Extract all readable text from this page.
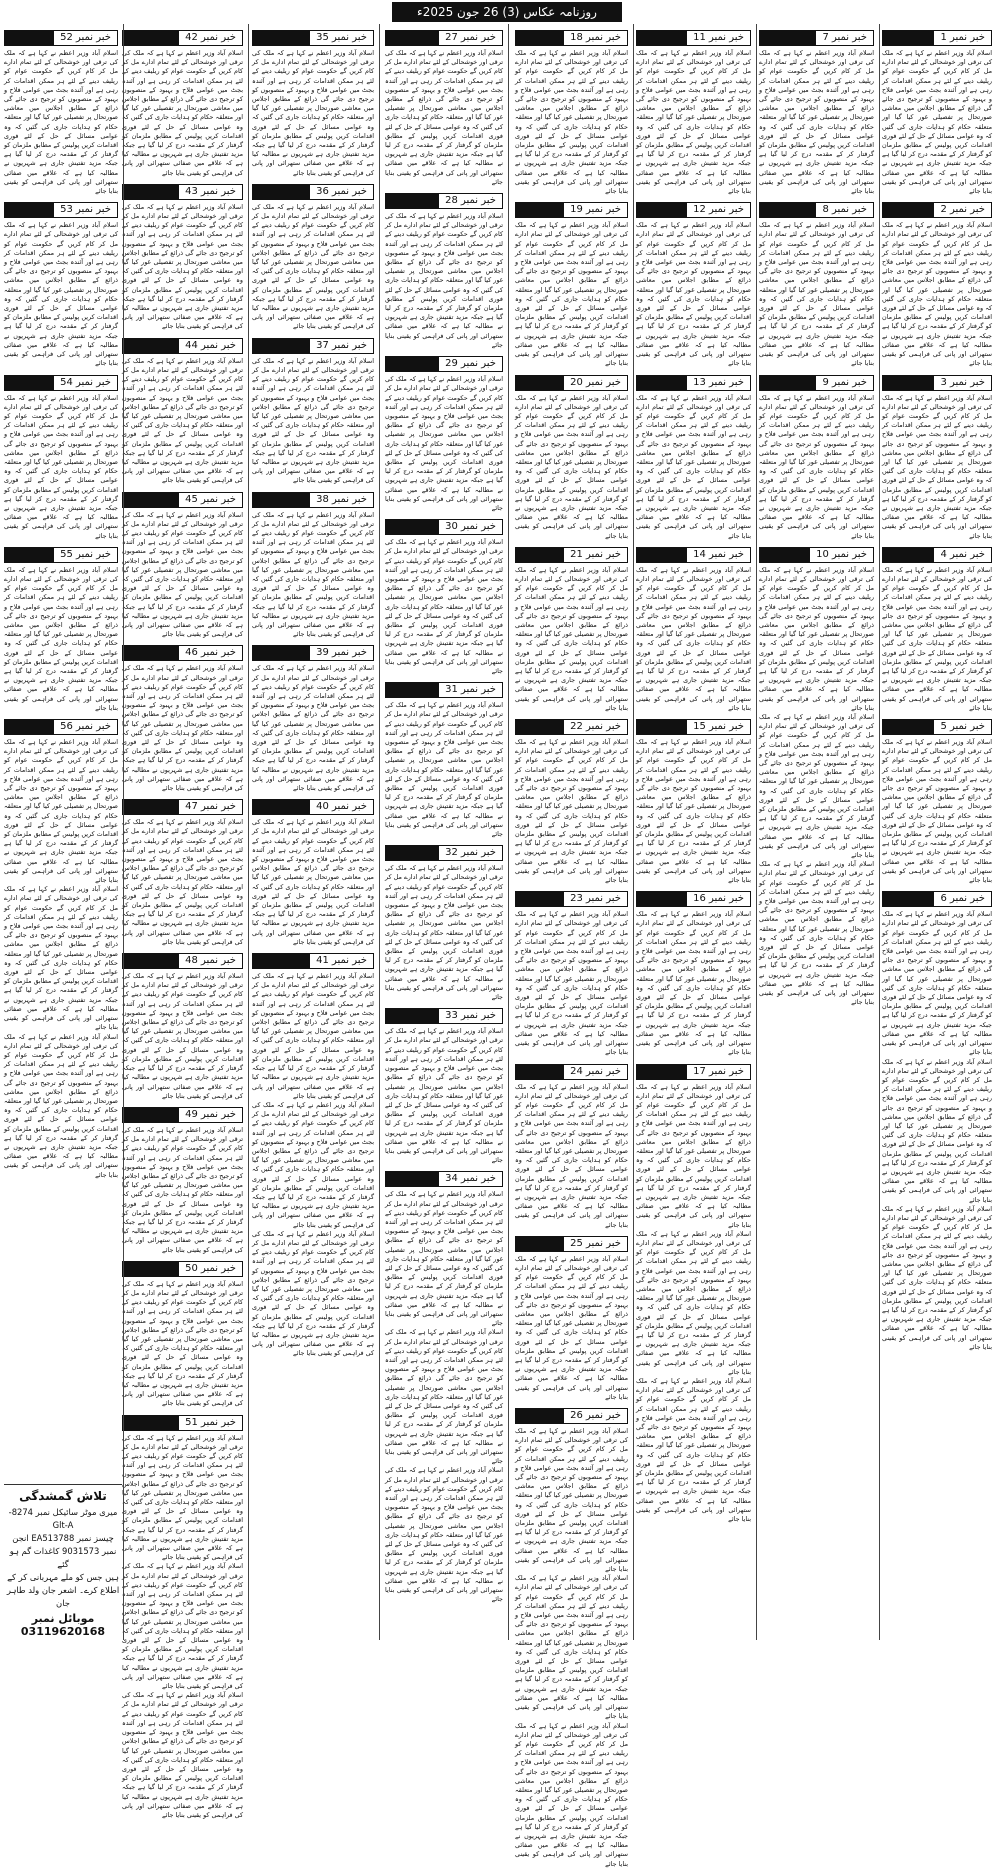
روزنامہ عکاس (3) 26 جون 2025ء
خبر نمبر 1
اسلام آباد وزیر اعظم نے کہا ہے کہ ملک کی ترقی اور خوشحالی کے لئے تمام ادارے مل کر کام کریں گے حکومت عوام کو ریلیف دینے کے لئے ہر ممکن اقدامات کر رہی ہے اور آئندہ بجٹ میں عوامی فلاح و بہبود کے منصوبوں کو ترجیح دی جائے گی ذرائع کے مطابق اجلاس میں معاشی صورتحال پر تفصیلی غور کیا گیا اور متعلقہ حکام کو ہدایات جاری کی گئیں کہ وہ عوامی مسائل کے حل کے لئے فوری اقدامات کریں پولیس کے مطابق ملزمان کو گرفتار کر کے مقدمہ درج کر لیا گیا ہے جبکہ مزید تفتیش جاری ہے شہریوں نے مطالبہ کیا ہے کہ علاقے میں صفائی ستھرائی اور پانی کی فراہمی کو یقینی بنایا جائے
خبر نمبر 2
اسلام آباد وزیر اعظم نے کہا ہے کہ ملک کی ترقی اور خوشحالی کے لئے تمام ادارے مل کر کام کریں گے حکومت عوام کو ریلیف دینے کے لئے ہر ممکن اقدامات کر رہی ہے اور آئندہ بجٹ میں عوامی فلاح و بہبود کے منصوبوں کو ترجیح دی جائے گی ذرائع کے مطابق اجلاس میں معاشی صورتحال پر تفصیلی غور کیا گیا اور متعلقہ حکام کو ہدایات جاری کی گئیں کہ وہ عوامی مسائل کے حل کے لئے فوری اقدامات کریں پولیس کے مطابق ملزمان کو گرفتار کر کے مقدمہ درج کر لیا گیا ہے جبکہ مزید تفتیش جاری ہے شہریوں نے مطالبہ کیا ہے کہ علاقے میں صفائی ستھرائی اور پانی کی فراہمی کو یقینی بنایا جائے
خبر نمبر 3
اسلام آباد وزیر اعظم نے کہا ہے کہ ملک کی ترقی اور خوشحالی کے لئے تمام ادارے مل کر کام کریں گے حکومت عوام کو ریلیف دینے کے لئے ہر ممکن اقدامات کر رہی ہے اور آئندہ بجٹ میں عوامی فلاح و بہبود کے منصوبوں کو ترجیح دی جائے گی ذرائع کے مطابق اجلاس میں معاشی صورتحال پر تفصیلی غور کیا گیا اور متعلقہ حکام کو ہدایات جاری کی گئیں کہ وہ عوامی مسائل کے حل کے لئے فوری اقدامات کریں پولیس کے مطابق ملزمان کو گرفتار کر کے مقدمہ درج کر لیا گیا ہے جبکہ مزید تفتیش جاری ہے شہریوں نے مطالبہ کیا ہے کہ علاقے میں صفائی ستھرائی اور پانی کی فراہمی کو یقینی بنایا جائے
خبر نمبر 4
اسلام آباد وزیر اعظم نے کہا ہے کہ ملک کی ترقی اور خوشحالی کے لئے تمام ادارے مل کر کام کریں گے حکومت عوام کو ریلیف دینے کے لئے ہر ممکن اقدامات کر رہی ہے اور آئندہ بجٹ میں عوامی فلاح و بہبود کے منصوبوں کو ترجیح دی جائے گی ذرائع کے مطابق اجلاس میں معاشی صورتحال پر تفصیلی غور کیا گیا اور متعلقہ حکام کو ہدایات جاری کی گئیں کہ وہ عوامی مسائل کے حل کے لئے فوری اقدامات کریں پولیس کے مطابق ملزمان کو گرفتار کر کے مقدمہ درج کر لیا گیا ہے جبکہ مزید تفتیش جاری ہے شہریوں نے مطالبہ کیا ہے کہ علاقے میں صفائی ستھرائی اور پانی کی فراہمی کو یقینی بنایا جائے
خبر نمبر 5
اسلام آباد وزیر اعظم نے کہا ہے کہ ملک کی ترقی اور خوشحالی کے لئے تمام ادارے مل کر کام کریں گے حکومت عوام کو ریلیف دینے کے لئے ہر ممکن اقدامات کر رہی ہے اور آئندہ بجٹ میں عوامی فلاح و بہبود کے منصوبوں کو ترجیح دی جائے گی ذرائع کے مطابق اجلاس میں معاشی صورتحال پر تفصیلی غور کیا گیا اور متعلقہ حکام کو ہدایات جاری کی گئیں کہ وہ عوامی مسائل کے حل کے لئے فوری اقدامات کریں پولیس کے مطابق ملزمان کو گرفتار کر کے مقدمہ درج کر لیا گیا ہے جبکہ مزید تفتیش جاری ہے شہریوں نے مطالبہ کیا ہے کہ علاقے میں صفائی ستھرائی اور پانی کی فراہمی کو یقینی بنایا جائے
خبر نمبر 6
اسلام آباد وزیر اعظم نے کہا ہے کہ ملک کی ترقی اور خوشحالی کے لئے تمام ادارے مل کر کام کریں گے حکومت عوام کو ریلیف دینے کے لئے ہر ممکن اقدامات کر رہی ہے اور آئندہ بجٹ میں عوامی فلاح و بہبود کے منصوبوں کو ترجیح دی جائے گی ذرائع کے مطابق اجلاس میں معاشی صورتحال پر تفصیلی غور کیا گیا اور متعلقہ حکام کو ہدایات جاری کی گئیں کہ وہ عوامی مسائل کے حل کے لئے فوری اقدامات کریں پولیس کے مطابق ملزمان کو گرفتار کر کے مقدمہ درج کر لیا گیا ہے جبکہ مزید تفتیش جاری ہے شہریوں نے مطالبہ کیا ہے کہ علاقے میں صفائی ستھرائی اور پانی کی فراہمی کو یقینی بنایا جائے
اسلام آباد وزیر اعظم نے کہا ہے کہ ملک کی ترقی اور خوشحالی کے لئے تمام ادارے مل کر کام کریں گے حکومت عوام کو ریلیف دینے کے لئے ہر ممکن اقدامات کر رہی ہے اور آئندہ بجٹ میں عوامی فلاح و بہبود کے منصوبوں کو ترجیح دی جائے گی ذرائع کے مطابق اجلاس میں معاشی صورتحال پر تفصیلی غور کیا گیا اور متعلقہ حکام کو ہدایات جاری کی گئیں کہ وہ عوامی مسائل کے حل کے لئے فوری اقدامات کریں پولیس کے مطابق ملزمان کو گرفتار کر کے مقدمہ درج کر لیا گیا ہے جبکہ مزید تفتیش جاری ہے شہریوں نے مطالبہ کیا ہے کہ علاقے میں صفائی ستھرائی اور پانی کی فراہمی کو یقینی بنایا جائے
اسلام آباد وزیر اعظم نے کہا ہے کہ ملک کی ترقی اور خوشحالی کے لئے تمام ادارے مل کر کام کریں گے حکومت عوام کو ریلیف دینے کے لئے ہر ممکن اقدامات کر رہی ہے اور آئندہ بجٹ میں عوامی فلاح و بہبود کے منصوبوں کو ترجیح دی جائے گی ذرائع کے مطابق اجلاس میں معاشی صورتحال پر تفصیلی غور کیا گیا اور متعلقہ حکام کو ہدایات جاری کی گئیں کہ وہ عوامی مسائل کے حل کے لئے فوری اقدامات کریں پولیس کے مطابق ملزمان کو گرفتار کر کے مقدمہ درج کر لیا گیا ہے جبکہ مزید تفتیش جاری ہے شہریوں نے مطالبہ کیا ہے کہ علاقے میں صفائی ستھرائی اور پانی کی فراہمی کو یقینی بنایا جائے
خبر نمبر 7
اسلام آباد وزیر اعظم نے کہا ہے کہ ملک کی ترقی اور خوشحالی کے لئے تمام ادارے مل کر کام کریں گے حکومت عوام کو ریلیف دینے کے لئے ہر ممکن اقدامات کر رہی ہے اور آئندہ بجٹ میں عوامی فلاح و بہبود کے منصوبوں کو ترجیح دی جائے گی ذرائع کے مطابق اجلاس میں معاشی صورتحال پر تفصیلی غور کیا گیا اور متعلقہ حکام کو ہدایات جاری کی گئیں کہ وہ عوامی مسائل کے حل کے لئے فوری اقدامات کریں پولیس کے مطابق ملزمان کو گرفتار کر کے مقدمہ درج کر لیا گیا ہے جبکہ مزید تفتیش جاری ہے شہریوں نے مطالبہ کیا ہے کہ علاقے میں صفائی ستھرائی اور پانی کی فراہمی کو یقینی بنایا جائے
خبر نمبر 8
اسلام آباد وزیر اعظم نے کہا ہے کہ ملک کی ترقی اور خوشحالی کے لئے تمام ادارے مل کر کام کریں گے حکومت عوام کو ریلیف دینے کے لئے ہر ممکن اقدامات کر رہی ہے اور آئندہ بجٹ میں عوامی فلاح و بہبود کے منصوبوں کو ترجیح دی جائے گی ذرائع کے مطابق اجلاس میں معاشی صورتحال پر تفصیلی غور کیا گیا اور متعلقہ حکام کو ہدایات جاری کی گئیں کہ وہ عوامی مسائل کے حل کے لئے فوری اقدامات کریں پولیس کے مطابق ملزمان کو گرفتار کر کے مقدمہ درج کر لیا گیا ہے جبکہ مزید تفتیش جاری ہے شہریوں نے مطالبہ کیا ہے کہ علاقے میں صفائی ستھرائی اور پانی کی فراہمی کو یقینی بنایا جائے
خبر نمبر 9
اسلام آباد وزیر اعظم نے کہا ہے کہ ملک کی ترقی اور خوشحالی کے لئے تمام ادارے مل کر کام کریں گے حکومت عوام کو ریلیف دینے کے لئے ہر ممکن اقدامات کر رہی ہے اور آئندہ بجٹ میں عوامی فلاح و بہبود کے منصوبوں کو ترجیح دی جائے گی ذرائع کے مطابق اجلاس میں معاشی صورتحال پر تفصیلی غور کیا گیا اور متعلقہ حکام کو ہدایات جاری کی گئیں کہ وہ عوامی مسائل کے حل کے لئے فوری اقدامات کریں پولیس کے مطابق ملزمان کو گرفتار کر کے مقدمہ درج کر لیا گیا ہے جبکہ مزید تفتیش جاری ہے شہریوں نے مطالبہ کیا ہے کہ علاقے میں صفائی ستھرائی اور پانی کی فراہمی کو یقینی بنایا جائے
خبر نمبر 10
اسلام آباد وزیر اعظم نے کہا ہے کہ ملک کی ترقی اور خوشحالی کے لئے تمام ادارے مل کر کام کریں گے حکومت عوام کو ریلیف دینے کے لئے ہر ممکن اقدامات کر رہی ہے اور آئندہ بجٹ میں عوامی فلاح و بہبود کے منصوبوں کو ترجیح دی جائے گی ذرائع کے مطابق اجلاس میں معاشی صورتحال پر تفصیلی غور کیا گیا اور متعلقہ حکام کو ہدایات جاری کی گئیں کہ وہ عوامی مسائل کے حل کے لئے فوری اقدامات کریں پولیس کے مطابق ملزمان کو گرفتار کر کے مقدمہ درج کر لیا گیا ہے جبکہ مزید تفتیش جاری ہے شہریوں نے مطالبہ کیا ہے کہ علاقے میں صفائی ستھرائی اور پانی کی فراہمی کو یقینی بنایا جائے
اسلام آباد وزیر اعظم نے کہا ہے کہ ملک کی ترقی اور خوشحالی کے لئے تمام ادارے مل کر کام کریں گے حکومت عوام کو ریلیف دینے کے لئے ہر ممکن اقدامات کر رہی ہے اور آئندہ بجٹ میں عوامی فلاح و بہبود کے منصوبوں کو ترجیح دی جائے گی ذرائع کے مطابق اجلاس میں معاشی صورتحال پر تفصیلی غور کیا گیا اور متعلقہ حکام کو ہدایات جاری کی گئیں کہ وہ عوامی مسائل کے حل کے لئے فوری اقدامات کریں پولیس کے مطابق ملزمان کو گرفتار کر کے مقدمہ درج کر لیا گیا ہے جبکہ مزید تفتیش جاری ہے شہریوں نے مطالبہ کیا ہے کہ علاقے میں صفائی ستھرائی اور پانی کی فراہمی کو یقینی بنایا جائے
اسلام آباد وزیر اعظم نے کہا ہے کہ ملک کی ترقی اور خوشحالی کے لئے تمام ادارے مل کر کام کریں گے حکومت عوام کو ریلیف دینے کے لئے ہر ممکن اقدامات کر رہی ہے اور آئندہ بجٹ میں عوامی فلاح و بہبود کے منصوبوں کو ترجیح دی جائے گی ذرائع کے مطابق اجلاس میں معاشی صورتحال پر تفصیلی غور کیا گیا اور متعلقہ حکام کو ہدایات جاری کی گئیں کہ وہ عوامی مسائل کے حل کے لئے فوری اقدامات کریں پولیس کے مطابق ملزمان کو گرفتار کر کے مقدمہ درج کر لیا گیا ہے جبکہ مزید تفتیش جاری ہے شہریوں نے مطالبہ کیا ہے کہ علاقے میں صفائی ستھرائی اور پانی کی فراہمی کو یقینی بنایا جائے
خبر نمبر 11
اسلام آباد وزیر اعظم نے کہا ہے کہ ملک کی ترقی اور خوشحالی کے لئے تمام ادارے مل کر کام کریں گے حکومت عوام کو ریلیف دینے کے لئے ہر ممکن اقدامات کر رہی ہے اور آئندہ بجٹ میں عوامی فلاح و بہبود کے منصوبوں کو ترجیح دی جائے گی ذرائع کے مطابق اجلاس میں معاشی صورتحال پر تفصیلی غور کیا گیا اور متعلقہ حکام کو ہدایات جاری کی گئیں کہ وہ عوامی مسائل کے حل کے لئے فوری اقدامات کریں پولیس کے مطابق ملزمان کو گرفتار کر کے مقدمہ درج کر لیا گیا ہے جبکہ مزید تفتیش جاری ہے شہریوں نے مطالبہ کیا ہے کہ علاقے میں صفائی ستھرائی اور پانی کی فراہمی کو یقینی بنایا جائے
خبر نمبر 12
اسلام آباد وزیر اعظم نے کہا ہے کہ ملک کی ترقی اور خوشحالی کے لئے تمام ادارے مل کر کام کریں گے حکومت عوام کو ریلیف دینے کے لئے ہر ممکن اقدامات کر رہی ہے اور آئندہ بجٹ میں عوامی فلاح و بہبود کے منصوبوں کو ترجیح دی جائے گی ذرائع کے مطابق اجلاس میں معاشی صورتحال پر تفصیلی غور کیا گیا اور متعلقہ حکام کو ہدایات جاری کی گئیں کہ وہ عوامی مسائل کے حل کے لئے فوری اقدامات کریں پولیس کے مطابق ملزمان کو گرفتار کر کے مقدمہ درج کر لیا گیا ہے جبکہ مزید تفتیش جاری ہے شہریوں نے مطالبہ کیا ہے کہ علاقے میں صفائی ستھرائی اور پانی کی فراہمی کو یقینی بنایا جائے
خبر نمبر 13
اسلام آباد وزیر اعظم نے کہا ہے کہ ملک کی ترقی اور خوشحالی کے لئے تمام ادارے مل کر کام کریں گے حکومت عوام کو ریلیف دینے کے لئے ہر ممکن اقدامات کر رہی ہے اور آئندہ بجٹ میں عوامی فلاح و بہبود کے منصوبوں کو ترجیح دی جائے گی ذرائع کے مطابق اجلاس میں معاشی صورتحال پر تفصیلی غور کیا گیا اور متعلقہ حکام کو ہدایات جاری کی گئیں کہ وہ عوامی مسائل کے حل کے لئے فوری اقدامات کریں پولیس کے مطابق ملزمان کو گرفتار کر کے مقدمہ درج کر لیا گیا ہے جبکہ مزید تفتیش جاری ہے شہریوں نے مطالبہ کیا ہے کہ علاقے میں صفائی ستھرائی اور پانی کی فراہمی کو یقینی بنایا جائے
خبر نمبر 14
اسلام آباد وزیر اعظم نے کہا ہے کہ ملک کی ترقی اور خوشحالی کے لئے تمام ادارے مل کر کام کریں گے حکومت عوام کو ریلیف دینے کے لئے ہر ممکن اقدامات کر رہی ہے اور آئندہ بجٹ میں عوامی فلاح و بہبود کے منصوبوں کو ترجیح دی جائے گی ذرائع کے مطابق اجلاس میں معاشی صورتحال پر تفصیلی غور کیا گیا اور متعلقہ حکام کو ہدایات جاری کی گئیں کہ وہ عوامی مسائل کے حل کے لئے فوری اقدامات کریں پولیس کے مطابق ملزمان کو گرفتار کر کے مقدمہ درج کر لیا گیا ہے جبکہ مزید تفتیش جاری ہے شہریوں نے مطالبہ کیا ہے کہ علاقے میں صفائی ستھرائی اور پانی کی فراہمی کو یقینی بنایا جائے
خبر نمبر 15
اسلام آباد وزیر اعظم نے کہا ہے کہ ملک کی ترقی اور خوشحالی کے لئے تمام ادارے مل کر کام کریں گے حکومت عوام کو ریلیف دینے کے لئے ہر ممکن اقدامات کر رہی ہے اور آئندہ بجٹ میں عوامی فلاح و بہبود کے منصوبوں کو ترجیح دی جائے گی ذرائع کے مطابق اجلاس میں معاشی صورتحال پر تفصیلی غور کیا گیا اور متعلقہ حکام کو ہدایات جاری کی گئیں کہ وہ عوامی مسائل کے حل کے لئے فوری اقدامات کریں پولیس کے مطابق ملزمان کو گرفتار کر کے مقدمہ درج کر لیا گیا ہے جبکہ مزید تفتیش جاری ہے شہریوں نے مطالبہ کیا ہے کہ علاقے میں صفائی ستھرائی اور پانی کی فراہمی کو یقینی بنایا جائے
خبر نمبر 16
اسلام آباد وزیر اعظم نے کہا ہے کہ ملک کی ترقی اور خوشحالی کے لئے تمام ادارے مل کر کام کریں گے حکومت عوام کو ریلیف دینے کے لئے ہر ممکن اقدامات کر رہی ہے اور آئندہ بجٹ میں عوامی فلاح و بہبود کے منصوبوں کو ترجیح دی جائے گی ذرائع کے مطابق اجلاس میں معاشی صورتحال پر تفصیلی غور کیا گیا اور متعلقہ حکام کو ہدایات جاری کی گئیں کہ وہ عوامی مسائل کے حل کے لئے فوری اقدامات کریں پولیس کے مطابق ملزمان کو گرفتار کر کے مقدمہ درج کر لیا گیا ہے جبکہ مزید تفتیش جاری ہے شہریوں نے مطالبہ کیا ہے کہ علاقے میں صفائی ستھرائی اور پانی کی فراہمی کو یقینی بنایا جائے
خبر نمبر 17
اسلام آباد وزیر اعظم نے کہا ہے کہ ملک کی ترقی اور خوشحالی کے لئے تمام ادارے مل کر کام کریں گے حکومت عوام کو ریلیف دینے کے لئے ہر ممکن اقدامات کر رہی ہے اور آئندہ بجٹ میں عوامی فلاح و بہبود کے منصوبوں کو ترجیح دی جائے گی ذرائع کے مطابق اجلاس میں معاشی صورتحال پر تفصیلی غور کیا گیا اور متعلقہ حکام کو ہدایات جاری کی گئیں کہ وہ عوامی مسائل کے حل کے لئے فوری اقدامات کریں پولیس کے مطابق ملزمان کو گرفتار کر کے مقدمہ درج کر لیا گیا ہے جبکہ مزید تفتیش جاری ہے شہریوں نے مطالبہ کیا ہے کہ علاقے میں صفائی ستھرائی اور پانی کی فراہمی کو یقینی بنایا جائے
اسلام آباد وزیر اعظم نے کہا ہے کہ ملک کی ترقی اور خوشحالی کے لئے تمام ادارے مل کر کام کریں گے حکومت عوام کو ریلیف دینے کے لئے ہر ممکن اقدامات کر رہی ہے اور آئندہ بجٹ میں عوامی فلاح و بہبود کے منصوبوں کو ترجیح دی جائے گی ذرائع کے مطابق اجلاس میں معاشی صورتحال پر تفصیلی غور کیا گیا اور متعلقہ حکام کو ہدایات جاری کی گئیں کہ وہ عوامی مسائل کے حل کے لئے فوری اقدامات کریں پولیس کے مطابق ملزمان کو گرفتار کر کے مقدمہ درج کر لیا گیا ہے جبکہ مزید تفتیش جاری ہے شہریوں نے مطالبہ کیا ہے کہ علاقے میں صفائی ستھرائی اور پانی کی فراہمی کو یقینی بنایا جائے
اسلام آباد وزیر اعظم نے کہا ہے کہ ملک کی ترقی اور خوشحالی کے لئے تمام ادارے مل کر کام کریں گے حکومت عوام کو ریلیف دینے کے لئے ہر ممکن اقدامات کر رہی ہے اور آئندہ بجٹ میں عوامی فلاح و بہبود کے منصوبوں کو ترجیح دی جائے گی ذرائع کے مطابق اجلاس میں معاشی صورتحال پر تفصیلی غور کیا گیا اور متعلقہ حکام کو ہدایات جاری کی گئیں کہ وہ عوامی مسائل کے حل کے لئے فوری اقدامات کریں پولیس کے مطابق ملزمان کو گرفتار کر کے مقدمہ درج کر لیا گیا ہے جبکہ مزید تفتیش جاری ہے شہریوں نے مطالبہ کیا ہے کہ علاقے میں صفائی ستھرائی اور پانی کی فراہمی کو یقینی بنایا جائے
خبر نمبر 18
اسلام آباد وزیر اعظم نے کہا ہے کہ ملک کی ترقی اور خوشحالی کے لئے تمام ادارے مل کر کام کریں گے حکومت عوام کو ریلیف دینے کے لئے ہر ممکن اقدامات کر رہی ہے اور آئندہ بجٹ میں عوامی فلاح و بہبود کے منصوبوں کو ترجیح دی جائے گی ذرائع کے مطابق اجلاس میں معاشی صورتحال پر تفصیلی غور کیا گیا اور متعلقہ حکام کو ہدایات جاری کی گئیں کہ وہ عوامی مسائل کے حل کے لئے فوری اقدامات کریں پولیس کے مطابق ملزمان کو گرفتار کر کے مقدمہ درج کر لیا گیا ہے جبکہ مزید تفتیش جاری ہے شہریوں نے مطالبہ کیا ہے کہ علاقے میں صفائی ستھرائی اور پانی کی فراہمی کو یقینی بنایا جائے
خبر نمبر 19
اسلام آباد وزیر اعظم نے کہا ہے کہ ملک کی ترقی اور خوشحالی کے لئے تمام ادارے مل کر کام کریں گے حکومت عوام کو ریلیف دینے کے لئے ہر ممکن اقدامات کر رہی ہے اور آئندہ بجٹ میں عوامی فلاح و بہبود کے منصوبوں کو ترجیح دی جائے گی ذرائع کے مطابق اجلاس میں معاشی صورتحال پر تفصیلی غور کیا گیا اور متعلقہ حکام کو ہدایات جاری کی گئیں کہ وہ عوامی مسائل کے حل کے لئے فوری اقدامات کریں پولیس کے مطابق ملزمان کو گرفتار کر کے مقدمہ درج کر لیا گیا ہے جبکہ مزید تفتیش جاری ہے شہریوں نے مطالبہ کیا ہے کہ علاقے میں صفائی ستھرائی اور پانی کی فراہمی کو یقینی بنایا جائے
خبر نمبر 20
اسلام آباد وزیر اعظم نے کہا ہے کہ ملک کی ترقی اور خوشحالی کے لئے تمام ادارے مل کر کام کریں گے حکومت عوام کو ریلیف دینے کے لئے ہر ممکن اقدامات کر رہی ہے اور آئندہ بجٹ میں عوامی فلاح و بہبود کے منصوبوں کو ترجیح دی جائے گی ذرائع کے مطابق اجلاس میں معاشی صورتحال پر تفصیلی غور کیا گیا اور متعلقہ حکام کو ہدایات جاری کی گئیں کہ وہ عوامی مسائل کے حل کے لئے فوری اقدامات کریں پولیس کے مطابق ملزمان کو گرفتار کر کے مقدمہ درج کر لیا گیا ہے جبکہ مزید تفتیش جاری ہے شہریوں نے مطالبہ کیا ہے کہ علاقے میں صفائی ستھرائی اور پانی کی فراہمی کو یقینی بنایا جائے
خبر نمبر 21
اسلام آباد وزیر اعظم نے کہا ہے کہ ملک کی ترقی اور خوشحالی کے لئے تمام ادارے مل کر کام کریں گے حکومت عوام کو ریلیف دینے کے لئے ہر ممکن اقدامات کر رہی ہے اور آئندہ بجٹ میں عوامی فلاح و بہبود کے منصوبوں کو ترجیح دی جائے گی ذرائع کے مطابق اجلاس میں معاشی صورتحال پر تفصیلی غور کیا گیا اور متعلقہ حکام کو ہدایات جاری کی گئیں کہ وہ عوامی مسائل کے حل کے لئے فوری اقدامات کریں پولیس کے مطابق ملزمان کو گرفتار کر کے مقدمہ درج کر لیا گیا ہے جبکہ مزید تفتیش جاری ہے شہریوں نے مطالبہ کیا ہے کہ علاقے میں صفائی ستھرائی اور پانی کی فراہمی کو یقینی بنایا جائے
خبر نمبر 22
اسلام آباد وزیر اعظم نے کہا ہے کہ ملک کی ترقی اور خوشحالی کے لئے تمام ادارے مل کر کام کریں گے حکومت عوام کو ریلیف دینے کے لئے ہر ممکن اقدامات کر رہی ہے اور آئندہ بجٹ میں عوامی فلاح و بہبود کے منصوبوں کو ترجیح دی جائے گی ذرائع کے مطابق اجلاس میں معاشی صورتحال پر تفصیلی غور کیا گیا اور متعلقہ حکام کو ہدایات جاری کی گئیں کہ وہ عوامی مسائل کے حل کے لئے فوری اقدامات کریں پولیس کے مطابق ملزمان کو گرفتار کر کے مقدمہ درج کر لیا گیا ہے جبکہ مزید تفتیش جاری ہے شہریوں نے مطالبہ کیا ہے کہ علاقے میں صفائی ستھرائی اور پانی کی فراہمی کو یقینی بنایا جائے
خبر نمبر 23
اسلام آباد وزیر اعظم نے کہا ہے کہ ملک کی ترقی اور خوشحالی کے لئے تمام ادارے مل کر کام کریں گے حکومت عوام کو ریلیف دینے کے لئے ہر ممکن اقدامات کر رہی ہے اور آئندہ بجٹ میں عوامی فلاح و بہبود کے منصوبوں کو ترجیح دی جائے گی ذرائع کے مطابق اجلاس میں معاشی صورتحال پر تفصیلی غور کیا گیا اور متعلقہ حکام کو ہدایات جاری کی گئیں کہ وہ عوامی مسائل کے حل کے لئے فوری اقدامات کریں پولیس کے مطابق ملزمان کو گرفتار کر کے مقدمہ درج کر لیا گیا ہے جبکہ مزید تفتیش جاری ہے شہریوں نے مطالبہ کیا ہے کہ علاقے میں صفائی ستھرائی اور پانی کی فراہمی کو یقینی بنایا جائے
خبر نمبر 24
اسلام آباد وزیر اعظم نے کہا ہے کہ ملک کی ترقی اور خوشحالی کے لئے تمام ادارے مل کر کام کریں گے حکومت عوام کو ریلیف دینے کے لئے ہر ممکن اقدامات کر رہی ہے اور آئندہ بجٹ میں عوامی فلاح و بہبود کے منصوبوں کو ترجیح دی جائے گی ذرائع کے مطابق اجلاس میں معاشی صورتحال پر تفصیلی غور کیا گیا اور متعلقہ حکام کو ہدایات جاری کی گئیں کہ وہ عوامی مسائل کے حل کے لئے فوری اقدامات کریں پولیس کے مطابق ملزمان کو گرفتار کر کے مقدمہ درج کر لیا گیا ہے جبکہ مزید تفتیش جاری ہے شہریوں نے مطالبہ کیا ہے کہ علاقے میں صفائی ستھرائی اور پانی کی فراہمی کو یقینی بنایا جائے
خبر نمبر 25
اسلام آباد وزیر اعظم نے کہا ہے کہ ملک کی ترقی اور خوشحالی کے لئے تمام ادارے مل کر کام کریں گے حکومت عوام کو ریلیف دینے کے لئے ہر ممکن اقدامات کر رہی ہے اور آئندہ بجٹ میں عوامی فلاح و بہبود کے منصوبوں کو ترجیح دی جائے گی ذرائع کے مطابق اجلاس میں معاشی صورتحال پر تفصیلی غور کیا گیا اور متعلقہ حکام کو ہدایات جاری کی گئیں کہ وہ عوامی مسائل کے حل کے لئے فوری اقدامات کریں پولیس کے مطابق ملزمان کو گرفتار کر کے مقدمہ درج کر لیا گیا ہے جبکہ مزید تفتیش جاری ہے شہریوں نے مطالبہ کیا ہے کہ علاقے میں صفائی ستھرائی اور پانی کی فراہمی کو یقینی بنایا جائے
خبر نمبر 26
اسلام آباد وزیر اعظم نے کہا ہے کہ ملک کی ترقی اور خوشحالی کے لئے تمام ادارے مل کر کام کریں گے حکومت عوام کو ریلیف دینے کے لئے ہر ممکن اقدامات کر رہی ہے اور آئندہ بجٹ میں عوامی فلاح و بہبود کے منصوبوں کو ترجیح دی جائے گی ذرائع کے مطابق اجلاس میں معاشی صورتحال پر تفصیلی غور کیا گیا اور متعلقہ حکام کو ہدایات جاری کی گئیں کہ وہ عوامی مسائل کے حل کے لئے فوری اقدامات کریں پولیس کے مطابق ملزمان کو گرفتار کر کے مقدمہ درج کر لیا گیا ہے جبکہ مزید تفتیش جاری ہے شہریوں نے مطالبہ کیا ہے کہ علاقے میں صفائی ستھرائی اور پانی کی فراہمی کو یقینی بنایا جائے
اسلام آباد وزیر اعظم نے کہا ہے کہ ملک کی ترقی اور خوشحالی کے لئے تمام ادارے مل کر کام کریں گے حکومت عوام کو ریلیف دینے کے لئے ہر ممکن اقدامات کر رہی ہے اور آئندہ بجٹ میں عوامی فلاح و بہبود کے منصوبوں کو ترجیح دی جائے گی ذرائع کے مطابق اجلاس میں معاشی صورتحال پر تفصیلی غور کیا گیا اور متعلقہ حکام کو ہدایات جاری کی گئیں کہ وہ عوامی مسائل کے حل کے لئے فوری اقدامات کریں پولیس کے مطابق ملزمان کو گرفتار کر کے مقدمہ درج کر لیا گیا ہے جبکہ مزید تفتیش جاری ہے شہریوں نے مطالبہ کیا ہے کہ علاقے میں صفائی ستھرائی اور پانی کی فراہمی کو یقینی بنایا جائے
اسلام آباد وزیر اعظم نے کہا ہے کہ ملک کی ترقی اور خوشحالی کے لئے تمام ادارے مل کر کام کریں گے حکومت عوام کو ریلیف دینے کے لئے ہر ممکن اقدامات کر رہی ہے اور آئندہ بجٹ میں عوامی فلاح و بہبود کے منصوبوں کو ترجیح دی جائے گی ذرائع کے مطابق اجلاس میں معاشی صورتحال پر تفصیلی غور کیا گیا اور متعلقہ حکام کو ہدایات جاری کی گئیں کہ وہ عوامی مسائل کے حل کے لئے فوری اقدامات کریں پولیس کے مطابق ملزمان کو گرفتار کر کے مقدمہ درج کر لیا گیا ہے جبکہ مزید تفتیش جاری ہے شہریوں نے مطالبہ کیا ہے کہ علاقے میں صفائی ستھرائی اور پانی کی فراہمی کو یقینی بنایا جائے
خبر نمبر 27
اسلام آباد وزیر اعظم نے کہا ہے کہ ملک کی ترقی اور خوشحالی کے لئے تمام ادارے مل کر کام کریں گے حکومت عوام کو ریلیف دینے کے لئے ہر ممکن اقدامات کر رہی ہے اور آئندہ بجٹ میں عوامی فلاح و بہبود کے منصوبوں کو ترجیح دی جائے گی ذرائع کے مطابق اجلاس میں معاشی صورتحال پر تفصیلی غور کیا گیا اور متعلقہ حکام کو ہدایات جاری کی گئیں کہ وہ عوامی مسائل کے حل کے لئے فوری اقدامات کریں پولیس کے مطابق ملزمان کو گرفتار کر کے مقدمہ درج کر لیا گیا ہے جبکہ مزید تفتیش جاری ہے شہریوں نے مطالبہ کیا ہے کہ علاقے میں صفائی ستھرائی اور پانی کی فراہمی کو یقینی بنایا جائے
خبر نمبر 28
اسلام آباد وزیر اعظم نے کہا ہے کہ ملک کی ترقی اور خوشحالی کے لئے تمام ادارے مل کر کام کریں گے حکومت عوام کو ریلیف دینے کے لئے ہر ممکن اقدامات کر رہی ہے اور آئندہ بجٹ میں عوامی فلاح و بہبود کے منصوبوں کو ترجیح دی جائے گی ذرائع کے مطابق اجلاس میں معاشی صورتحال پر تفصیلی غور کیا گیا اور متعلقہ حکام کو ہدایات جاری کی گئیں کہ وہ عوامی مسائل کے حل کے لئے فوری اقدامات کریں پولیس کے مطابق ملزمان کو گرفتار کر کے مقدمہ درج کر لیا گیا ہے جبکہ مزید تفتیش جاری ہے شہریوں نے مطالبہ کیا ہے کہ علاقے میں صفائی ستھرائی اور پانی کی فراہمی کو یقینی بنایا جائے
خبر نمبر 29
اسلام آباد وزیر اعظم نے کہا ہے کہ ملک کی ترقی اور خوشحالی کے لئے تمام ادارے مل کر کام کریں گے حکومت عوام کو ریلیف دینے کے لئے ہر ممکن اقدامات کر رہی ہے اور آئندہ بجٹ میں عوامی فلاح و بہبود کے منصوبوں کو ترجیح دی جائے گی ذرائع کے مطابق اجلاس میں معاشی صورتحال پر تفصیلی غور کیا گیا اور متعلقہ حکام کو ہدایات جاری کی گئیں کہ وہ عوامی مسائل کے حل کے لئے فوری اقدامات کریں پولیس کے مطابق ملزمان کو گرفتار کر کے مقدمہ درج کر لیا گیا ہے جبکہ مزید تفتیش جاری ہے شہریوں نے مطالبہ کیا ہے کہ علاقے میں صفائی ستھرائی اور پانی کی فراہمی کو یقینی بنایا جائے
خبر نمبر 30
اسلام آباد وزیر اعظم نے کہا ہے کہ ملک کی ترقی اور خوشحالی کے لئے تمام ادارے مل کر کام کریں گے حکومت عوام کو ریلیف دینے کے لئے ہر ممکن اقدامات کر رہی ہے اور آئندہ بجٹ میں عوامی فلاح و بہبود کے منصوبوں کو ترجیح دی جائے گی ذرائع کے مطابق اجلاس میں معاشی صورتحال پر تفصیلی غور کیا گیا اور متعلقہ حکام کو ہدایات جاری کی گئیں کہ وہ عوامی مسائل کے حل کے لئے فوری اقدامات کریں پولیس کے مطابق ملزمان کو گرفتار کر کے مقدمہ درج کر لیا گیا ہے جبکہ مزید تفتیش جاری ہے شہریوں نے مطالبہ کیا ہے کہ علاقے میں صفائی ستھرائی اور پانی کی فراہمی کو یقینی بنایا جائے
خبر نمبر 31
اسلام آباد وزیر اعظم نے کہا ہے کہ ملک کی ترقی اور خوشحالی کے لئے تمام ادارے مل کر کام کریں گے حکومت عوام کو ریلیف دینے کے لئے ہر ممکن اقدامات کر رہی ہے اور آئندہ بجٹ میں عوامی فلاح و بہبود کے منصوبوں کو ترجیح دی جائے گی ذرائع کے مطابق اجلاس میں معاشی صورتحال پر تفصیلی غور کیا گیا اور متعلقہ حکام کو ہدایات جاری کی گئیں کہ وہ عوامی مسائل کے حل کے لئے فوری اقدامات کریں پولیس کے مطابق ملزمان کو گرفتار کر کے مقدمہ درج کر لیا گیا ہے جبکہ مزید تفتیش جاری ہے شہریوں نے مطالبہ کیا ہے کہ علاقے میں صفائی ستھرائی اور پانی کی فراہمی کو یقینی بنایا جائے
خبر نمبر 32
اسلام آباد وزیر اعظم نے کہا ہے کہ ملک کی ترقی اور خوشحالی کے لئے تمام ادارے مل کر کام کریں گے حکومت عوام کو ریلیف دینے کے لئے ہر ممکن اقدامات کر رہی ہے اور آئندہ بجٹ میں عوامی فلاح و بہبود کے منصوبوں کو ترجیح دی جائے گی ذرائع کے مطابق اجلاس میں معاشی صورتحال پر تفصیلی غور کیا گیا اور متعلقہ حکام کو ہدایات جاری کی گئیں کہ وہ عوامی مسائل کے حل کے لئے فوری اقدامات کریں پولیس کے مطابق ملزمان کو گرفتار کر کے مقدمہ درج کر لیا گیا ہے جبکہ مزید تفتیش جاری ہے شہریوں نے مطالبہ کیا ہے کہ علاقے میں صفائی ستھرائی اور پانی کی فراہمی کو یقینی بنایا جائے
خبر نمبر 33
اسلام آباد وزیر اعظم نے کہا ہے کہ ملک کی ترقی اور خوشحالی کے لئے تمام ادارے مل کر کام کریں گے حکومت عوام کو ریلیف دینے کے لئے ہر ممکن اقدامات کر رہی ہے اور آئندہ بجٹ میں عوامی فلاح و بہبود کے منصوبوں کو ترجیح دی جائے گی ذرائع کے مطابق اجلاس میں معاشی صورتحال پر تفصیلی غور کیا گیا اور متعلقہ حکام کو ہدایات جاری کی گئیں کہ وہ عوامی مسائل کے حل کے لئے فوری اقدامات کریں پولیس کے مطابق ملزمان کو گرفتار کر کے مقدمہ درج کر لیا گیا ہے جبکہ مزید تفتیش جاری ہے شہریوں نے مطالبہ کیا ہے کہ علاقے میں صفائی ستھرائی اور پانی کی فراہمی کو یقینی بنایا جائے
خبر نمبر 34
اسلام آباد وزیر اعظم نے کہا ہے کہ ملک کی ترقی اور خوشحالی کے لئے تمام ادارے مل کر کام کریں گے حکومت عوام کو ریلیف دینے کے لئے ہر ممکن اقدامات کر رہی ہے اور آئندہ بجٹ میں عوامی فلاح و بہبود کے منصوبوں کو ترجیح دی جائے گی ذرائع کے مطابق اجلاس میں معاشی صورتحال پر تفصیلی غور کیا گیا اور متعلقہ حکام کو ہدایات جاری کی گئیں کہ وہ عوامی مسائل کے حل کے لئے فوری اقدامات کریں پولیس کے مطابق ملزمان کو گرفتار کر کے مقدمہ درج کر لیا گیا ہے جبکہ مزید تفتیش جاری ہے شہریوں نے مطالبہ کیا ہے کہ علاقے میں صفائی ستھرائی اور پانی کی فراہمی کو یقینی بنایا جائے
اسلام آباد وزیر اعظم نے کہا ہے کہ ملک کی ترقی اور خوشحالی کے لئے تمام ادارے مل کر کام کریں گے حکومت عوام کو ریلیف دینے کے لئے ہر ممکن اقدامات کر رہی ہے اور آئندہ بجٹ میں عوامی فلاح و بہبود کے منصوبوں کو ترجیح دی جائے گی ذرائع کے مطابق اجلاس میں معاشی صورتحال پر تفصیلی غور کیا گیا اور متعلقہ حکام کو ہدایات جاری کی گئیں کہ وہ عوامی مسائل کے حل کے لئے فوری اقدامات کریں پولیس کے مطابق ملزمان کو گرفتار کر کے مقدمہ درج کر لیا گیا ہے جبکہ مزید تفتیش جاری ہے شہریوں نے مطالبہ کیا ہے کہ علاقے میں صفائی ستھرائی اور پانی کی فراہمی کو یقینی بنایا جائے
اسلام آباد وزیر اعظم نے کہا ہے کہ ملک کی ترقی اور خوشحالی کے لئے تمام ادارے مل کر کام کریں گے حکومت عوام کو ریلیف دینے کے لئے ہر ممکن اقدامات کر رہی ہے اور آئندہ بجٹ میں عوامی فلاح و بہبود کے منصوبوں کو ترجیح دی جائے گی ذرائع کے مطابق اجلاس میں معاشی صورتحال پر تفصیلی غور کیا گیا اور متعلقہ حکام کو ہدایات جاری کی گئیں کہ وہ عوامی مسائل کے حل کے لئے فوری اقدامات کریں پولیس کے مطابق ملزمان کو گرفتار کر کے مقدمہ درج کر لیا گیا ہے جبکہ مزید تفتیش جاری ہے شہریوں نے مطالبہ کیا ہے کہ علاقے میں صفائی ستھرائی اور پانی کی فراہمی کو یقینی بنایا جائے
خبر نمبر 35
اسلام آباد وزیر اعظم نے کہا ہے کہ ملک کی ترقی اور خوشحالی کے لئے تمام ادارے مل کر کام کریں گے حکومت عوام کو ریلیف دینے کے لئے ہر ممکن اقدامات کر رہی ہے اور آئندہ بجٹ میں عوامی فلاح و بہبود کے منصوبوں کو ترجیح دی جائے گی ذرائع کے مطابق اجلاس میں معاشی صورتحال پر تفصیلی غور کیا گیا اور متعلقہ حکام کو ہدایات جاری کی گئیں کہ وہ عوامی مسائل کے حل کے لئے فوری اقدامات کریں پولیس کے مطابق ملزمان کو گرفتار کر کے مقدمہ درج کر لیا گیا ہے جبکہ مزید تفتیش جاری ہے شہریوں نے مطالبہ کیا ہے کہ علاقے میں صفائی ستھرائی اور پانی کی فراہمی کو یقینی بنایا جائے
خبر نمبر 36
اسلام آباد وزیر اعظم نے کہا ہے کہ ملک کی ترقی اور خوشحالی کے لئے تمام ادارے مل کر کام کریں گے حکومت عوام کو ریلیف دینے کے لئے ہر ممکن اقدامات کر رہی ہے اور آئندہ بجٹ میں عوامی فلاح و بہبود کے منصوبوں کو ترجیح دی جائے گی ذرائع کے مطابق اجلاس میں معاشی صورتحال پر تفصیلی غور کیا گیا اور متعلقہ حکام کو ہدایات جاری کی گئیں کہ وہ عوامی مسائل کے حل کے لئے فوری اقدامات کریں پولیس کے مطابق ملزمان کو گرفتار کر کے مقدمہ درج کر لیا گیا ہے جبکہ مزید تفتیش جاری ہے شہریوں نے مطالبہ کیا ہے کہ علاقے میں صفائی ستھرائی اور پانی کی فراہمی کو یقینی بنایا جائے
خبر نمبر 37
اسلام آباد وزیر اعظم نے کہا ہے کہ ملک کی ترقی اور خوشحالی کے لئے تمام ادارے مل کر کام کریں گے حکومت عوام کو ریلیف دینے کے لئے ہر ممکن اقدامات کر رہی ہے اور آئندہ بجٹ میں عوامی فلاح و بہبود کے منصوبوں کو ترجیح دی جائے گی ذرائع کے مطابق اجلاس میں معاشی صورتحال پر تفصیلی غور کیا گیا اور متعلقہ حکام کو ہدایات جاری کی گئیں کہ وہ عوامی مسائل کے حل کے لئے فوری اقدامات کریں پولیس کے مطابق ملزمان کو گرفتار کر کے مقدمہ درج کر لیا گیا ہے جبکہ مزید تفتیش جاری ہے شہریوں نے مطالبہ کیا ہے کہ علاقے میں صفائی ستھرائی اور پانی کی فراہمی کو یقینی بنایا جائے
خبر نمبر 38
اسلام آباد وزیر اعظم نے کہا ہے کہ ملک کی ترقی اور خوشحالی کے لئے تمام ادارے مل کر کام کریں گے حکومت عوام کو ریلیف دینے کے لئے ہر ممکن اقدامات کر رہی ہے اور آئندہ بجٹ میں عوامی فلاح و بہبود کے منصوبوں کو ترجیح دی جائے گی ذرائع کے مطابق اجلاس میں معاشی صورتحال پر تفصیلی غور کیا گیا اور متعلقہ حکام کو ہدایات جاری کی گئیں کہ وہ عوامی مسائل کے حل کے لئے فوری اقدامات کریں پولیس کے مطابق ملزمان کو گرفتار کر کے مقدمہ درج کر لیا گیا ہے جبکہ مزید تفتیش جاری ہے شہریوں نے مطالبہ کیا ہے کہ علاقے میں صفائی ستھرائی اور پانی کی فراہمی کو یقینی بنایا جائے
خبر نمبر 39
اسلام آباد وزیر اعظم نے کہا ہے کہ ملک کی ترقی اور خوشحالی کے لئے تمام ادارے مل کر کام کریں گے حکومت عوام کو ریلیف دینے کے لئے ہر ممکن اقدامات کر رہی ہے اور آئندہ بجٹ میں عوامی فلاح و بہبود کے منصوبوں کو ترجیح دی جائے گی ذرائع کے مطابق اجلاس میں معاشی صورتحال پر تفصیلی غور کیا گیا اور متعلقہ حکام کو ہدایات جاری کی گئیں کہ وہ عوامی مسائل کے حل کے لئے فوری اقدامات کریں پولیس کے مطابق ملزمان کو گرفتار کر کے مقدمہ درج کر لیا گیا ہے جبکہ مزید تفتیش جاری ہے شہریوں نے مطالبہ کیا ہے کہ علاقے میں صفائی ستھرائی اور پانی کی فراہمی کو یقینی بنایا جائے
خبر نمبر 40
اسلام آباد وزیر اعظم نے کہا ہے کہ ملک کی ترقی اور خوشحالی کے لئے تمام ادارے مل کر کام کریں گے حکومت عوام کو ریلیف دینے کے لئے ہر ممکن اقدامات کر رہی ہے اور آئندہ بجٹ میں عوامی فلاح و بہبود کے منصوبوں کو ترجیح دی جائے گی ذرائع کے مطابق اجلاس میں معاشی صورتحال پر تفصیلی غور کیا گیا اور متعلقہ حکام کو ہدایات جاری کی گئیں کہ وہ عوامی مسائل کے حل کے لئے فوری اقدامات کریں پولیس کے مطابق ملزمان کو گرفتار کر کے مقدمہ درج کر لیا گیا ہے جبکہ مزید تفتیش جاری ہے شہریوں نے مطالبہ کیا ہے کہ علاقے میں صفائی ستھرائی اور پانی کی فراہمی کو یقینی بنایا جائے
خبر نمبر 41
اسلام آباد وزیر اعظم نے کہا ہے کہ ملک کی ترقی اور خوشحالی کے لئے تمام ادارے مل کر کام کریں گے حکومت عوام کو ریلیف دینے کے لئے ہر ممکن اقدامات کر رہی ہے اور آئندہ بجٹ میں عوامی فلاح و بہبود کے منصوبوں کو ترجیح دی جائے گی ذرائع کے مطابق اجلاس میں معاشی صورتحال پر تفصیلی غور کیا گیا اور متعلقہ حکام کو ہدایات جاری کی گئیں کہ وہ عوامی مسائل کے حل کے لئے فوری اقدامات کریں پولیس کے مطابق ملزمان کو گرفتار کر کے مقدمہ درج کر لیا گیا ہے جبکہ مزید تفتیش جاری ہے شہریوں نے مطالبہ کیا ہے کہ علاقے میں صفائی ستھرائی اور پانی کی فراہمی کو یقینی بنایا جائے
اسلام آباد وزیر اعظم نے کہا ہے کہ ملک کی ترقی اور خوشحالی کے لئے تمام ادارے مل کر کام کریں گے حکومت عوام کو ریلیف دینے کے لئے ہر ممکن اقدامات کر رہی ہے اور آئندہ بجٹ میں عوامی فلاح و بہبود کے منصوبوں کو ترجیح دی جائے گی ذرائع کے مطابق اجلاس میں معاشی صورتحال پر تفصیلی غور کیا گیا اور متعلقہ حکام کو ہدایات جاری کی گئیں کہ وہ عوامی مسائل کے حل کے لئے فوری اقدامات کریں پولیس کے مطابق ملزمان کو گرفتار کر کے مقدمہ درج کر لیا گیا ہے جبکہ مزید تفتیش جاری ہے شہریوں نے مطالبہ کیا ہے کہ علاقے میں صفائی ستھرائی اور پانی کی فراہمی کو یقینی بنایا جائے
اسلام آباد وزیر اعظم نے کہا ہے کہ ملک کی ترقی اور خوشحالی کے لئے تمام ادارے مل کر کام کریں گے حکومت عوام کو ریلیف دینے کے لئے ہر ممکن اقدامات کر رہی ہے اور آئندہ بجٹ میں عوامی فلاح و بہبود کے منصوبوں کو ترجیح دی جائے گی ذرائع کے مطابق اجلاس میں معاشی صورتحال پر تفصیلی غور کیا گیا اور متعلقہ حکام کو ہدایات جاری کی گئیں کہ وہ عوامی مسائل کے حل کے لئے فوری اقدامات کریں پولیس کے مطابق ملزمان کو گرفتار کر کے مقدمہ درج کر لیا گیا ہے جبکہ مزید تفتیش جاری ہے شہریوں نے مطالبہ کیا ہے کہ علاقے میں صفائی ستھرائی اور پانی کی فراہمی کو یقینی بنایا جائے
خبر نمبر 42
اسلام آباد وزیر اعظم نے کہا ہے کہ ملک کی ترقی اور خوشحالی کے لئے تمام ادارے مل کر کام کریں گے حکومت عوام کو ریلیف دینے کے لئے ہر ممکن اقدامات کر رہی ہے اور آئندہ بجٹ میں عوامی فلاح و بہبود کے منصوبوں کو ترجیح دی جائے گی ذرائع کے مطابق اجلاس میں معاشی صورتحال پر تفصیلی غور کیا گیا اور متعلقہ حکام کو ہدایات جاری کی گئیں کہ وہ عوامی مسائل کے حل کے لئے فوری اقدامات کریں پولیس کے مطابق ملزمان کو گرفتار کر کے مقدمہ درج کر لیا گیا ہے جبکہ مزید تفتیش جاری ہے شہریوں نے مطالبہ کیا ہے کہ علاقے میں صفائی ستھرائی اور پانی کی فراہمی کو یقینی بنایا جائے
خبر نمبر 43
اسلام آباد وزیر اعظم نے کہا ہے کہ ملک کی ترقی اور خوشحالی کے لئے تمام ادارے مل کر کام کریں گے حکومت عوام کو ریلیف دینے کے لئے ہر ممکن اقدامات کر رہی ہے اور آئندہ بجٹ میں عوامی فلاح و بہبود کے منصوبوں کو ترجیح دی جائے گی ذرائع کے مطابق اجلاس میں معاشی صورتحال پر تفصیلی غور کیا گیا اور متعلقہ حکام کو ہدایات جاری کی گئیں کہ وہ عوامی مسائل کے حل کے لئے فوری اقدامات کریں پولیس کے مطابق ملزمان کو گرفتار کر کے مقدمہ درج کر لیا گیا ہے جبکہ مزید تفتیش جاری ہے شہریوں نے مطالبہ کیا ہے کہ علاقے میں صفائی ستھرائی اور پانی کی فراہمی کو یقینی بنایا جائے
خبر نمبر 44
اسلام آباد وزیر اعظم نے کہا ہے کہ ملک کی ترقی اور خوشحالی کے لئے تمام ادارے مل کر کام کریں گے حکومت عوام کو ریلیف دینے کے لئے ہر ممکن اقدامات کر رہی ہے اور آئندہ بجٹ میں عوامی فلاح و بہبود کے منصوبوں کو ترجیح دی جائے گی ذرائع کے مطابق اجلاس میں معاشی صورتحال پر تفصیلی غور کیا گیا اور متعلقہ حکام کو ہدایات جاری کی گئیں کہ وہ عوامی مسائل کے حل کے لئے فوری اقدامات کریں پولیس کے مطابق ملزمان کو گرفتار کر کے مقدمہ درج کر لیا گیا ہے جبکہ مزید تفتیش جاری ہے شہریوں نے مطالبہ کیا ہے کہ علاقے میں صفائی ستھرائی اور پانی کی فراہمی کو یقینی بنایا جائے
خبر نمبر 45
اسلام آباد وزیر اعظم نے کہا ہے کہ ملک کی ترقی اور خوشحالی کے لئے تمام ادارے مل کر کام کریں گے حکومت عوام کو ریلیف دینے کے لئے ہر ممکن اقدامات کر رہی ہے اور آئندہ بجٹ میں عوامی فلاح و بہبود کے منصوبوں کو ترجیح دی جائے گی ذرائع کے مطابق اجلاس میں معاشی صورتحال پر تفصیلی غور کیا گیا اور متعلقہ حکام کو ہدایات جاری کی گئیں کہ وہ عوامی مسائل کے حل کے لئے فوری اقدامات کریں پولیس کے مطابق ملزمان کو گرفتار کر کے مقدمہ درج کر لیا گیا ہے جبکہ مزید تفتیش جاری ہے شہریوں نے مطالبہ کیا ہے کہ علاقے میں صفائی ستھرائی اور پانی کی فراہمی کو یقینی بنایا جائے
خبر نمبر 46
اسلام آباد وزیر اعظم نے کہا ہے کہ ملک کی ترقی اور خوشحالی کے لئے تمام ادارے مل کر کام کریں گے حکومت عوام کو ریلیف دینے کے لئے ہر ممکن اقدامات کر رہی ہے اور آئندہ بجٹ میں عوامی فلاح و بہبود کے منصوبوں کو ترجیح دی جائے گی ذرائع کے مطابق اجلاس میں معاشی صورتحال پر تفصیلی غور کیا گیا اور متعلقہ حکام کو ہدایات جاری کی گئیں کہ وہ عوامی مسائل کے حل کے لئے فوری اقدامات کریں پولیس کے مطابق ملزمان کو گرفتار کر کے مقدمہ درج کر لیا گیا ہے جبکہ مزید تفتیش جاری ہے شہریوں نے مطالبہ کیا ہے کہ علاقے میں صفائی ستھرائی اور پانی کی فراہمی کو یقینی بنایا جائے
خبر نمبر 47
اسلام آباد وزیر اعظم نے کہا ہے کہ ملک کی ترقی اور خوشحالی کے لئے تمام ادارے مل کر کام کریں گے حکومت عوام کو ریلیف دینے کے لئے ہر ممکن اقدامات کر رہی ہے اور آئندہ بجٹ میں عوامی فلاح و بہبود کے منصوبوں کو ترجیح دی جائے گی ذرائع کے مطابق اجلاس میں معاشی صورتحال پر تفصیلی غور کیا گیا اور متعلقہ حکام کو ہدایات جاری کی گئیں کہ وہ عوامی مسائل کے حل کے لئے فوری اقدامات کریں پولیس کے مطابق ملزمان کو گرفتار کر کے مقدمہ درج کر لیا گیا ہے جبکہ مزید تفتیش جاری ہے شہریوں نے مطالبہ کیا ہے کہ علاقے میں صفائی ستھرائی اور پانی کی فراہمی کو یقینی بنایا جائے
خبر نمبر 48
اسلام آباد وزیر اعظم نے کہا ہے کہ ملک کی ترقی اور خوشحالی کے لئے تمام ادارے مل کر کام کریں گے حکومت عوام کو ریلیف دینے کے لئے ہر ممکن اقدامات کر رہی ہے اور آئندہ بجٹ میں عوامی فلاح و بہبود کے منصوبوں کو ترجیح دی جائے گی ذرائع کے مطابق اجلاس میں معاشی صورتحال پر تفصیلی غور کیا گیا اور متعلقہ حکام کو ہدایات جاری کی گئیں کہ وہ عوامی مسائل کے حل کے لئے فوری اقدامات کریں پولیس کے مطابق ملزمان کو گرفتار کر کے مقدمہ درج کر لیا گیا ہے جبکہ مزید تفتیش جاری ہے شہریوں نے مطالبہ کیا ہے کہ علاقے میں صفائی ستھرائی اور پانی کی فراہمی کو یقینی بنایا جائے
خبر نمبر 49
اسلام آباد وزیر اعظم نے کہا ہے کہ ملک کی ترقی اور خوشحالی کے لئے تمام ادارے مل کر کام کریں گے حکومت عوام کو ریلیف دینے کے لئے ہر ممکن اقدامات کر رہی ہے اور آئندہ بجٹ میں عوامی فلاح و بہبود کے منصوبوں کو ترجیح دی جائے گی ذرائع کے مطابق اجلاس میں معاشی صورتحال پر تفصیلی غور کیا گیا اور متعلقہ حکام کو ہدایات جاری کی گئیں کہ وہ عوامی مسائل کے حل کے لئے فوری اقدامات کریں پولیس کے مطابق ملزمان کو گرفتار کر کے مقدمہ درج کر لیا گیا ہے جبکہ مزید تفتیش جاری ہے شہریوں نے مطالبہ کیا ہے کہ علاقے میں صفائی ستھرائی اور پانی کی فراہمی کو یقینی بنایا جائے
خبر نمبر 50
اسلام آباد وزیر اعظم نے کہا ہے کہ ملک کی ترقی اور خوشحالی کے لئے تمام ادارے مل کر کام کریں گے حکومت عوام کو ریلیف دینے کے لئے ہر ممکن اقدامات کر رہی ہے اور آئندہ بجٹ میں عوامی فلاح و بہبود کے منصوبوں کو ترجیح دی جائے گی ذرائع کے مطابق اجلاس میں معاشی صورتحال پر تفصیلی غور کیا گیا اور متعلقہ حکام کو ہدایات جاری کی گئیں کہ وہ عوامی مسائل کے حل کے لئے فوری اقدامات کریں پولیس کے مطابق ملزمان کو گرفتار کر کے مقدمہ درج کر لیا گیا ہے جبکہ مزید تفتیش جاری ہے شہریوں نے مطالبہ کیا ہے کہ علاقے میں صفائی ستھرائی اور پانی کی فراہمی کو یقینی بنایا جائے
خبر نمبر 51
اسلام آباد وزیر اعظم نے کہا ہے کہ ملک کی ترقی اور خوشحالی کے لئے تمام ادارے مل کر کام کریں گے حکومت عوام کو ریلیف دینے کے لئے ہر ممکن اقدامات کر رہی ہے اور آئندہ بجٹ میں عوامی فلاح و بہبود کے منصوبوں کو ترجیح دی جائے گی ذرائع کے مطابق اجلاس میں معاشی صورتحال پر تفصیلی غور کیا گیا اور متعلقہ حکام کو ہدایات جاری کی گئیں کہ وہ عوامی مسائل کے حل کے لئے فوری اقدامات کریں پولیس کے مطابق ملزمان کو گرفتار کر کے مقدمہ درج کر لیا گیا ہے جبکہ مزید تفتیش جاری ہے شہریوں نے مطالبہ کیا ہے کہ علاقے میں صفائی ستھرائی اور پانی کی فراہمی کو یقینی بنایا جائے
اسلام آباد وزیر اعظم نے کہا ہے کہ ملک کی ترقی اور خوشحالی کے لئے تمام ادارے مل کر کام کریں گے حکومت عوام کو ریلیف دینے کے لئے ہر ممکن اقدامات کر رہی ہے اور آئندہ بجٹ میں عوامی فلاح و بہبود کے منصوبوں کو ترجیح دی جائے گی ذرائع کے مطابق اجلاس میں معاشی صورتحال پر تفصیلی غور کیا گیا اور متعلقہ حکام کو ہدایات جاری کی گئیں کہ وہ عوامی مسائل کے حل کے لئے فوری اقدامات کریں پولیس کے مطابق ملزمان کو گرفتار کر کے مقدمہ درج کر لیا گیا ہے جبکہ مزید تفتیش جاری ہے شہریوں نے مطالبہ کیا ہے کہ علاقے میں صفائی ستھرائی اور پانی کی فراہمی کو یقینی بنایا جائے
اسلام آباد وزیر اعظم نے کہا ہے کہ ملک کی ترقی اور خوشحالی کے لئے تمام ادارے مل کر کام کریں گے حکومت عوام کو ریلیف دینے کے لئے ہر ممکن اقدامات کر رہی ہے اور آئندہ بجٹ میں عوامی فلاح و بہبود کے منصوبوں کو ترجیح دی جائے گی ذرائع کے مطابق اجلاس میں معاشی صورتحال پر تفصیلی غور کیا گیا اور متعلقہ حکام کو ہدایات جاری کی گئیں کہ وہ عوامی مسائل کے حل کے لئے فوری اقدامات کریں پولیس کے مطابق ملزمان کو گرفتار کر کے مقدمہ درج کر لیا گیا ہے جبکہ مزید تفتیش جاری ہے شہریوں نے مطالبہ کیا ہے کہ علاقے میں صفائی ستھرائی اور پانی کی فراہمی کو یقینی بنایا جائے
خبر نمبر 52
اسلام آباد وزیر اعظم نے کہا ہے کہ ملک کی ترقی اور خوشحالی کے لئے تمام ادارے مل کر کام کریں گے حکومت عوام کو ریلیف دینے کے لئے ہر ممکن اقدامات کر رہی ہے اور آئندہ بجٹ میں عوامی فلاح و بہبود کے منصوبوں کو ترجیح دی جائے گی ذرائع کے مطابق اجلاس میں معاشی صورتحال پر تفصیلی غور کیا گیا اور متعلقہ حکام کو ہدایات جاری کی گئیں کہ وہ عوامی مسائل کے حل کے لئے فوری اقدامات کریں پولیس کے مطابق ملزمان کو گرفتار کر کے مقدمہ درج کر لیا گیا ہے جبکہ مزید تفتیش جاری ہے شہریوں نے مطالبہ کیا ہے کہ علاقے میں صفائی ستھرائی اور پانی کی فراہمی کو یقینی بنایا جائے
خبر نمبر 53
اسلام آباد وزیر اعظم نے کہا ہے کہ ملک کی ترقی اور خوشحالی کے لئے تمام ادارے مل کر کام کریں گے حکومت عوام کو ریلیف دینے کے لئے ہر ممکن اقدامات کر رہی ہے اور آئندہ بجٹ میں عوامی فلاح و بہبود کے منصوبوں کو ترجیح دی جائے گی ذرائع کے مطابق اجلاس میں معاشی صورتحال پر تفصیلی غور کیا گیا اور متعلقہ حکام کو ہدایات جاری کی گئیں کہ وہ عوامی مسائل کے حل کے لئے فوری اقدامات کریں پولیس کے مطابق ملزمان کو گرفتار کر کے مقدمہ درج کر لیا گیا ہے جبکہ مزید تفتیش جاری ہے شہریوں نے مطالبہ کیا ہے کہ علاقے میں صفائی ستھرائی اور پانی کی فراہمی کو یقینی بنایا جائے
خبر نمبر 54
اسلام آباد وزیر اعظم نے کہا ہے کہ ملک کی ترقی اور خوشحالی کے لئے تمام ادارے مل کر کام کریں گے حکومت عوام کو ریلیف دینے کے لئے ہر ممکن اقدامات کر رہی ہے اور آئندہ بجٹ میں عوامی فلاح و بہبود کے منصوبوں کو ترجیح دی جائے گی ذرائع کے مطابق اجلاس میں معاشی صورتحال پر تفصیلی غور کیا گیا اور متعلقہ حکام کو ہدایات جاری کی گئیں کہ وہ عوامی مسائل کے حل کے لئے فوری اقدامات کریں پولیس کے مطابق ملزمان کو گرفتار کر کے مقدمہ درج کر لیا گیا ہے جبکہ مزید تفتیش جاری ہے شہریوں نے مطالبہ کیا ہے کہ علاقے میں صفائی ستھرائی اور پانی کی فراہمی کو یقینی بنایا جائے
خبر نمبر 55
اسلام آباد وزیر اعظم نے کہا ہے کہ ملک کی ترقی اور خوشحالی کے لئے تمام ادارے مل کر کام کریں گے حکومت عوام کو ریلیف دینے کے لئے ہر ممکن اقدامات کر رہی ہے اور آئندہ بجٹ میں عوامی فلاح و بہبود کے منصوبوں کو ترجیح دی جائے گی ذرائع کے مطابق اجلاس میں معاشی صورتحال پر تفصیلی غور کیا گیا اور متعلقہ حکام کو ہدایات جاری کی گئیں کہ وہ عوامی مسائل کے حل کے لئے فوری اقدامات کریں پولیس کے مطابق ملزمان کو گرفتار کر کے مقدمہ درج کر لیا گیا ہے جبکہ مزید تفتیش جاری ہے شہریوں نے مطالبہ کیا ہے کہ علاقے میں صفائی ستھرائی اور پانی کی فراہمی کو یقینی بنایا جائے
خبر نمبر 56
اسلام آباد وزیر اعظم نے کہا ہے کہ ملک کی ترقی اور خوشحالی کے لئے تمام ادارے مل کر کام کریں گے حکومت عوام کو ریلیف دینے کے لئے ہر ممکن اقدامات کر رہی ہے اور آئندہ بجٹ میں عوامی فلاح و بہبود کے منصوبوں کو ترجیح دی جائے گی ذرائع کے مطابق اجلاس میں معاشی صورتحال پر تفصیلی غور کیا گیا اور متعلقہ حکام کو ہدایات جاری کی گئیں کہ وہ عوامی مسائل کے حل کے لئے فوری اقدامات کریں پولیس کے مطابق ملزمان کو گرفتار کر کے مقدمہ درج کر لیا گیا ہے جبکہ مزید تفتیش جاری ہے شہریوں نے مطالبہ کیا ہے کہ علاقے میں صفائی ستھرائی اور پانی کی فراہمی کو یقینی بنایا جائے
اسلام آباد وزیر اعظم نے کہا ہے کہ ملک کی ترقی اور خوشحالی کے لئے تمام ادارے مل کر کام کریں گے حکومت عوام کو ریلیف دینے کے لئے ہر ممکن اقدامات کر رہی ہے اور آئندہ بجٹ میں عوامی فلاح و بہبود کے منصوبوں کو ترجیح دی جائے گی ذرائع کے مطابق اجلاس میں معاشی صورتحال پر تفصیلی غور کیا گیا اور متعلقہ حکام کو ہدایات جاری کی گئیں کہ وہ عوامی مسائل کے حل کے لئے فوری اقدامات کریں پولیس کے مطابق ملزمان کو گرفتار کر کے مقدمہ درج کر لیا گیا ہے جبکہ مزید تفتیش جاری ہے شہریوں نے مطالبہ کیا ہے کہ علاقے میں صفائی ستھرائی اور پانی کی فراہمی کو یقینی بنایا جائے
اسلام آباد وزیر اعظم نے کہا ہے کہ ملک کی ترقی اور خوشحالی کے لئے تمام ادارے مل کر کام کریں گے حکومت عوام کو ریلیف دینے کے لئے ہر ممکن اقدامات کر رہی ہے اور آئندہ بجٹ میں عوامی فلاح و بہبود کے منصوبوں کو ترجیح دی جائے گی ذرائع کے مطابق اجلاس میں معاشی صورتحال پر تفصیلی غور کیا گیا اور متعلقہ حکام کو ہدایات جاری کی گئیں کہ وہ عوامی مسائل کے حل کے لئے فوری اقدامات کریں پولیس کے مطابق ملزمان کو گرفتار کر کے مقدمہ درج کر لیا گیا ہے جبکہ مزید تفتیش جاری ہے شہریوں نے مطالبہ کیا ہے کہ علاقے میں صفائی ستھرائی اور پانی کی فراہمی کو یقینی بنایا جائے
تلاش گمشدگی
میری موٹر سائیکل نمبر 8274-Glt-A
چیسز نمبر EA513788 انجن
نمبر 9031573 کاغذات گم ہو گئے
ہیں جس کو ملے مہربانی کر کے
اطلاع کرے۔ اشعر جان ولد طاہر جان
موبائل نمبر 03119620168
